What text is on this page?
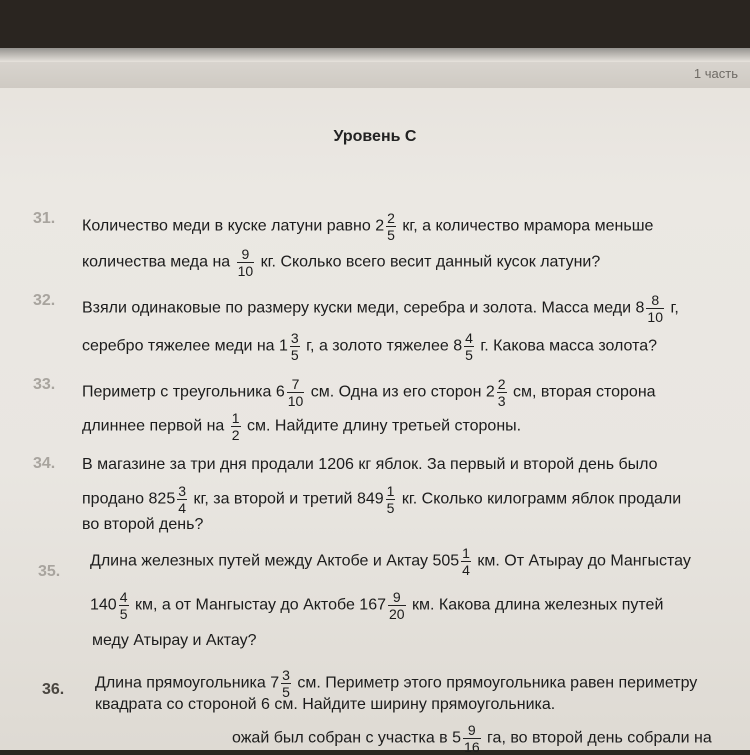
1 часть
Уровень С
31. Количество меди в куске латуни равно $2 \frac{2}{5}$ кг, а количество мрамора меньше
количества меда на $\frac{9}{10}$ кг. Сколько всего весит данный кусок латуни?
32. Взяли одинаковые по размеру куски меди, серебра и золота. Масса меди $8 \frac{8}{10} г$,
серебро тяжелее меди на $1 \frac{3}{5} г$, а золото тяжелее $8 \frac{4}{5} г$. Какова масса золота?
33. Периметр с треугольника $6 \frac{7}{10}$ см. Одна из его сторон $2 \frac{2}{3}$ см, вторая сторона
длиннее первой на $\frac{1}{2}$ см. Найдите длину третьей стороны.
34. В магазине за три дня продали 1206 кг яблок. За первый и второй день было
продано $825 \frac{3}{4}$ кг, за второй и третий $849 \frac{1}{5}$ кг. Сколько килограмм яблок продали
во второй день?
35.
Длина железных путей между Актобе и Актау $505 \frac{1}{4}$ км. От Атырау до Мангыстау
$140 \frac{4}{5}$ км, а от Мангыстау до Актобе $167 \frac{9}{20}$ км. Какова длина железных путей
меду Атырау и Актау?
36. Длина прямоугольника $7 \frac{3}{5}$ см. Периметр этого прямоугольника равен периметру
квадрата со стороной 6 см. Найдите ширину прямоугольника.
ожай был собран с участка в $5 \frac{9}{16}$ га, во второй день собрали на
